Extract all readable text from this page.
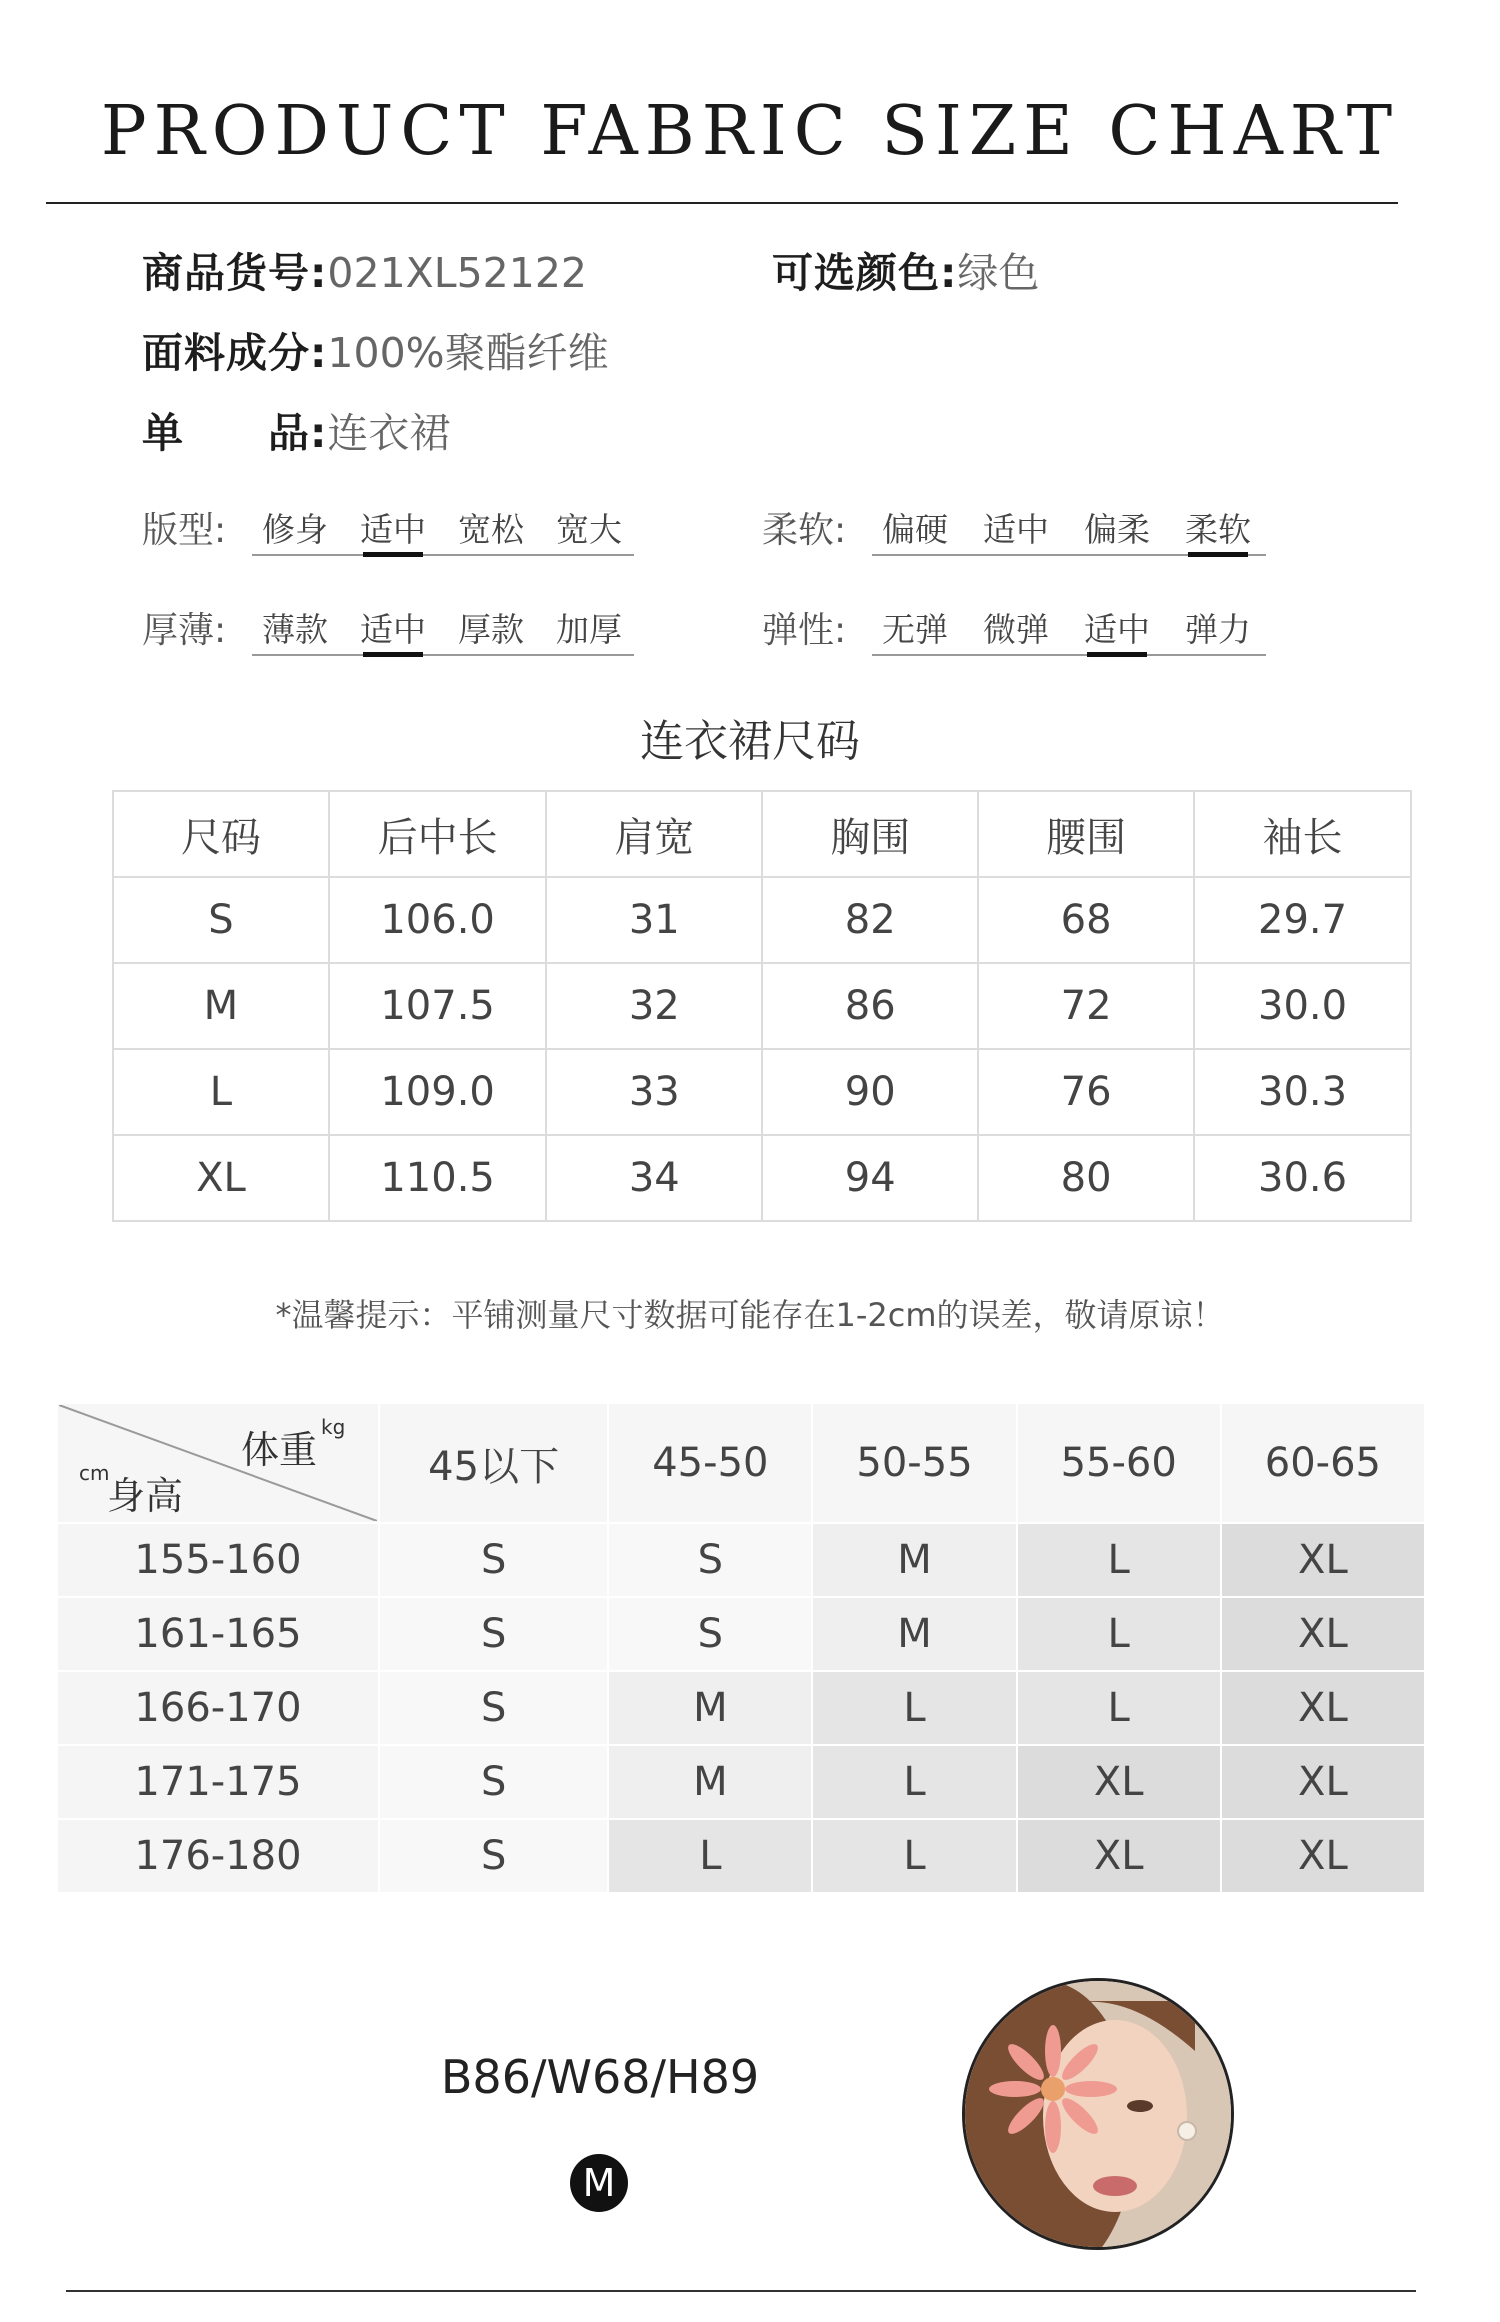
PRODUCT FABRIC SIZE CHART
商品货号:021XL52122	可选颜色:绿色
面料成分:100%聚酯纤维
单　　品:连衣裙
版型:	修身 适中 宽松 宽大	柔软:	偏硬	适中	偏柔	柔软
厚薄:	薄款 适中 厚款 加厚	弹性:	无弹	微弹	适中	弹力
连衣裙尺码
尺码	后中长	肩宽	胸围	腰围	袖长
S	106.0	31	82	68	29.7
M	107.5	32	86	72	30.0
L	109.0	33	90	76	30.3
XL	110.5	34	94	80	30.6
*温馨提示：平铺测量尺寸数据可能存在1-2cm的误差，敬请原谅！
体重
kg
身高
cm	45以下	45-50	50-55	55-60	60-65
155-160	S	S	M	L	XL
161-165	S	S	M	L	XL
166-170	S	M	L	L	XL
171-175	S	M	L	XL	XL
176-180	S	L	L	XL	XL
B86/W68/H89
M
